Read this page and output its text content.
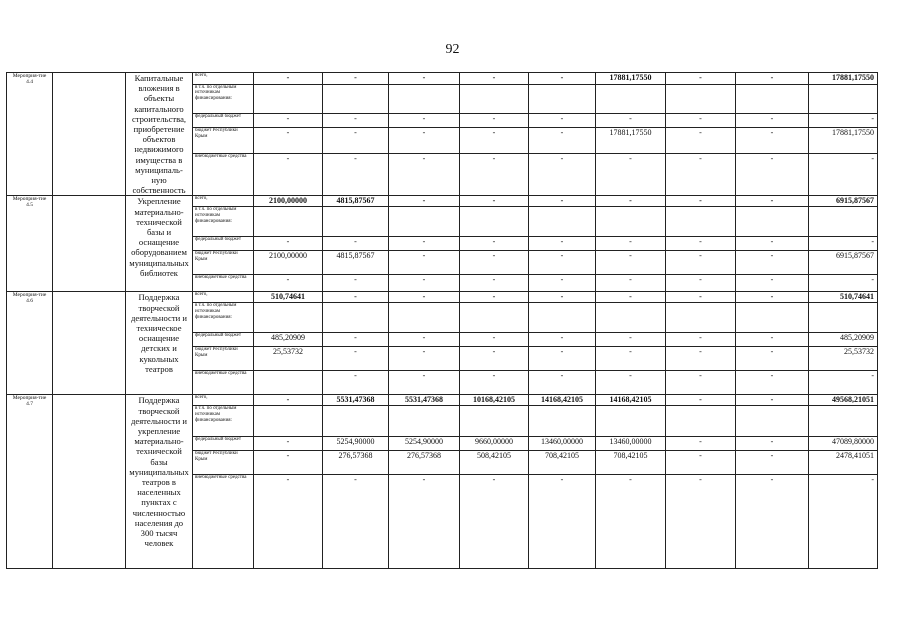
92
Мероприя-тие 4.4		Капитальные вложения в объекты капитального строительства, приобретение объектов недвижимого имущества в муниципаль-ную собственность	всего,	-	-	-	-	-	17881,17550	-	-	17881,17550
			в т.ч. по отдельным источникам финансирования:									
			федеральный бюджет	-	-	-	-	-	-	-	-	-
			бюджет Республики Крым	-	-	-	-	-	17881,17550	-	-	17881,17550
			внебюджетные средства	-	-	-	-	-	-	-	-	-
Мероприя-тие 4.5		Укрепление материально-технической базы и оснащение оборудованием муниципальных библиотек	всего,	2100,00000	4815,87567	-	-	-	-	-	-	6915,87567
			в т.ч. по отдельным источникам финансирования:									
			федеральный бюджет	-	-	-	-	-	-	-	-	-
			бюджет Республики Крым	2100,00000	4815,87567	-	-	-	-	-	-	6915,87567
			внебюджетные средства	-	-	-	-	-	-	-	-	-
Мероприя-тие 4.6		Поддержка творческой деятельности и техническое оснащение детских и кукольных театров	всего,	510,74641	-	-	-	-	-	-	-	510,74641
			в т.ч. по отдельным источникам финансирования:									
			федеральный бюджет	485,20909	-	-	-	-	-	-	-	485,20909
			бюджет Республики Крым	25,53732	-	-	-	-	-	-	-	25,53732
			внебюджетные средства		-	-	-	-	-	-	-	-
Мероприя-тие 4.7		Поддержка творческой деятельности и укрепление материально-технической базы муниципальных театров в населенных пунктах с численностью населения до 300 тысяч человек	всего,	-	5531,47368	5531,47368	10168,42105	14168,42105	14168,42105	-	-	49568,21051
			в т.ч. по отдельным источникам финансирования:									
			федеральный бюджет	-	5254,90000	5254,90000	9660,00000	13460,00000	13460,00000	-	-	47089,80000
			бюджет Республики Крым	-	276,57368	276,57368	508,42105	708,42105	708,42105	-	-	2478,41051
			внебюджетные средства	-	-	-	-	-	-	-	-	-
